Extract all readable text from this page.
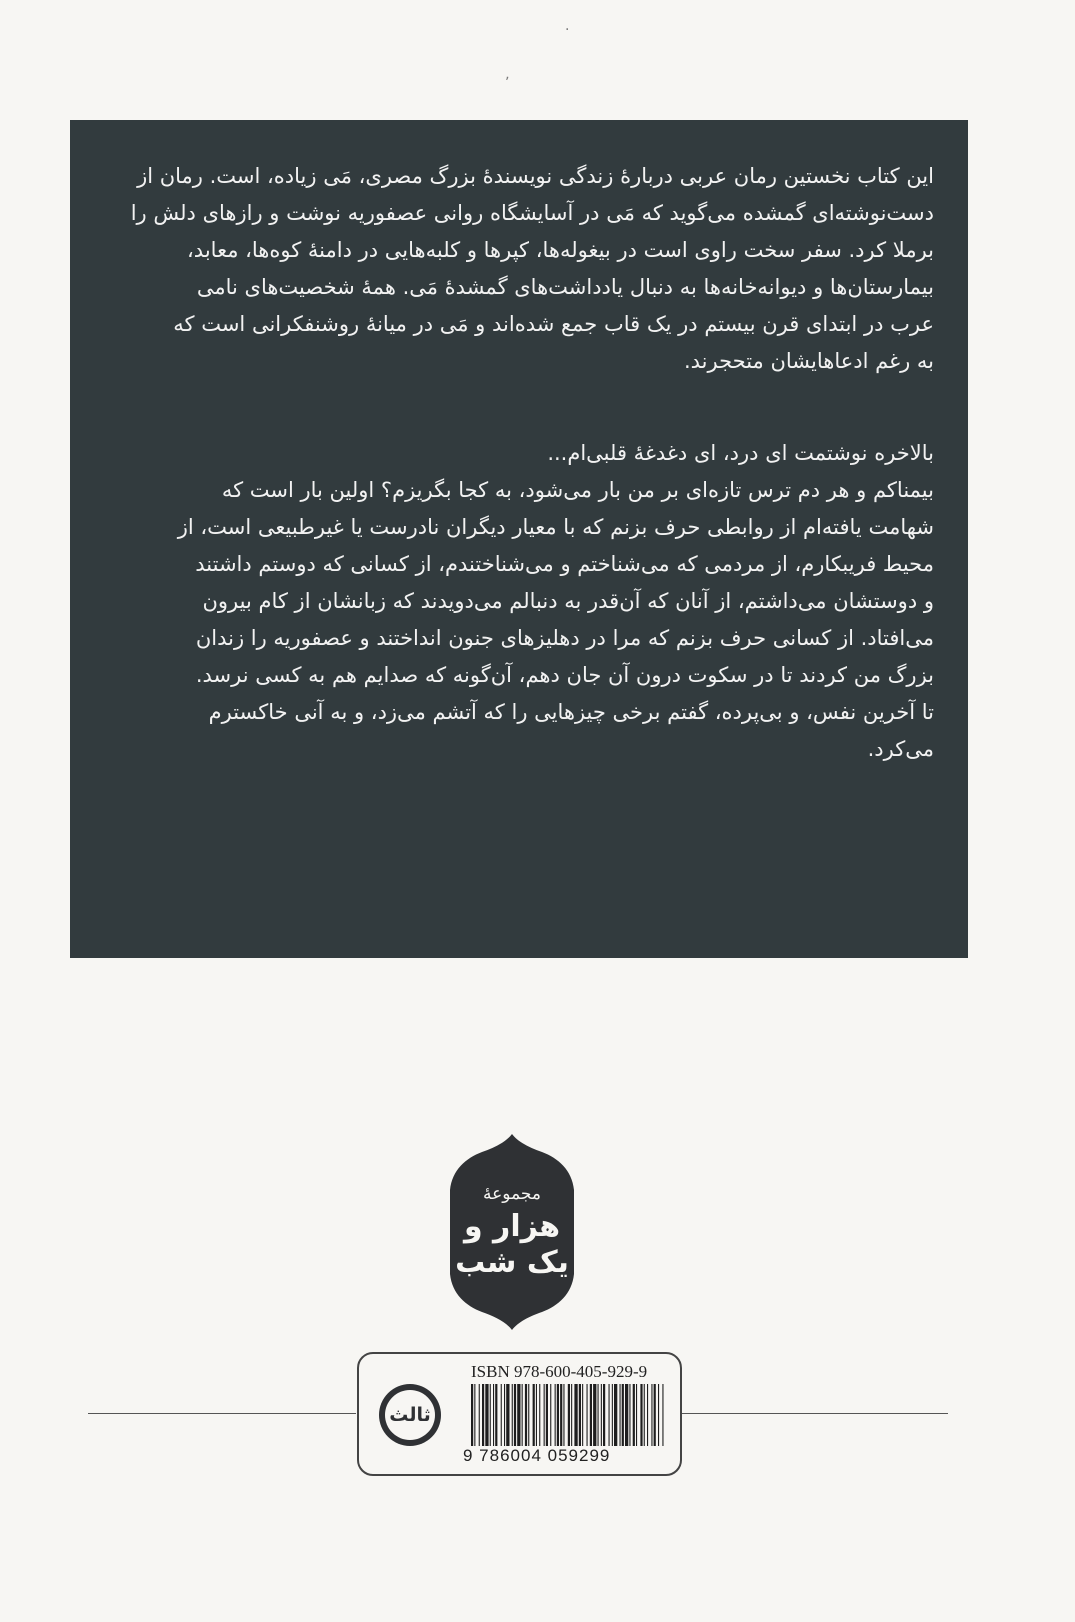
·
ʼ

این کتاب نخستین رمان عربی دربارهٔ زندگی نویسندهٔ بزرگ مصری، مَی زیاده، است. رمان از
دست‌نوشته‌ای گمشده می‌گوید که مَی در آسایشگاه روانی عصفوریه نوشت و رازهای دلش را
برملا کرد. سفر سخت راوی است در بیغوله‌ها، کپرها و کلبه‌هایی در دامنهٔ کوه‌ها، معابد،
بیمارستان‌ها و دیوانه‌خانه‌ها به دنبال یادداشت‌های گمشدهٔ مَی. همهٔ شخصیت‌های نامی
عرب در ابتدای قرن بیستم در یک قاب جمع شده‌اند و مَی در میانهٔ روشنفکرانی است که
به رغم ادعاهایشان متحجرند.

بالاخره نوشتمت ای درد، ای دغدغهٔ قلبی‌ام...
بیمناکم و هر دم ترس تازه‌ای بر من بار می‌شود، به کجا بگریزم؟ اولین بار است که
شهامت یافته‌ام از روابطی حرف بزنم که با معیار دیگران نادرست یا غیرطبیعی است، از
محیط فریبکارم، از مردمی که می‌شناختم و می‌شناختندم، از کسانی که دوستم داشتند
و دوستشان می‌داشتم، از آنان که آن‌قدر به دنبالم می‌دویدند که زبانشان از کام بیرون
می‌افتاد. از کسانی حرف بزنم که مرا در دهلیزهای جنون انداختند و عصفوریه را زندان
بزرگ من کردند تا در سکوت درون آن جان دهم، آن‌گونه که صدایم هم به کسی نرسد.
تا آخرین نفس، و بی‌پرده، گفتم برخی چیزهایی را که آتشم می‌زد، و به آنی خاکسترم
می‌کرد.

مجموعهٔ
هزار و
یک شب
ثالث
ISBN 978-600-405-929-9
9 786004 059299
